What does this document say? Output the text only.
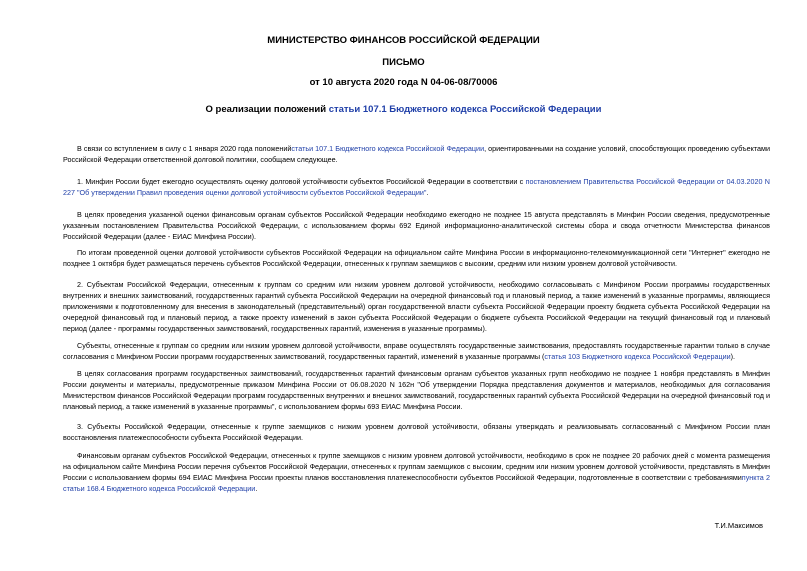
МИНИСТЕРСТВО ФИНАНСОВ РОССИЙСКОЙ ФЕДЕРАЦИИ
ПИСЬМО
от 10 августа 2020 года N 04-06-08/70006
О реализации положений статьи 107.1 Бюджетного кодекса Российской Федерации

В связи со вступлением в силу с 1 января 2020 года положенийстатьи 107.1 Бюджетного кодекса Российской Федерации, ориентированными на создание условий, способствующих проведению субъектами Российской Федерации ответственной долговой политики, сообщаем следующее.

1. Минфин России будет ежегодно осуществлять оценку долговой устойчивости субъектов Российской Федерации в соответствии с постановлением Правительства Российской Федерации от 04.03.2020 N 227 "Об утверждении Правил проведения оценки долговой устойчивости субъектов Российской Федерации".

В целях проведения указанной оценки финансовым органам субъектов Российской Федерации необходимо ежегодно не позднее 15 августа представлять в Минфин России сведения, предусмотренные указанным постановлением Правительства Российской Федерации, с использованием формы 692 Единой информационно-аналитической системы сбора и свода отчетности Министерства финансов Российской Федерации (далее - ЕИАС Минфина России).

По итогам проведенной оценки долговой устойчивости субъектов Российской Федерации на официальном сайте Минфина России в информационно-телекоммуникационной сети "Интернет" ежегодно не позднее 1 октября будет размещаться перечень субъектов Российской Федерации, отнесенных к группам заемщиков с высоким, средним или низким уровнем долговой устойчивости.

2. Субъектам Российской Федерации, отнесенным к группам со средним или низким уровнем долговой устойчивости, необходимо согласовывать с Минфином России программы государственных внутренних и внешних заимствований, государственных гарантий субъекта Российской Федерации на очередной финансовый год и плановый период, а также изменений в указанные программы, являющиеся приложениями к подготовленному для внесения в законодательный (представительный) орган государственной власти субъекта Российской Федерации проекту бюджета субъекта Российской Федерации на очередной финансовый год и плановый период, а также проекту изменений в закон субъекта Российской Федерации о бюджете субъекта Российской Федерации на текущий финансовый год и плановый период (далее - программы государственных заимствований, государственных гарантий, изменения в указанные программы).

Субъекты, отнесенные к группам со средним или низким уровнем долговой устойчивости, вправе осуществлять государственные заимствования, предоставлять государственные гарантии только в случае согласования с Минфином России программ государственных заимствований, государственных гарантий, изменений в указанные программы (статья 103 Бюджетного кодекса Российской Федерации).

В целях согласования программ государственных заимствований, государственных гарантий финансовым органам субъектов указанных групп необходимо не позднее 1 ноября представлять в Минфин России документы и материалы, предусмотренные приказом Минфина России от 06.08.2020 N 162н "Об утверждении Порядка представления документов и материалов, необходимых для согласования Министерством финансов Российской Федерации программ государственных внутренних и внешних заимствований, государственных гарантий субъекта Российской Федерации на очередной финансовый год и плановый период, а также изменений в указанные программы", с использованием формы 693 ЕИАС Минфина России.

3. Субъекты Российской Федерации, отнесенные к группе заемщиков с низким уровнем долговой устойчивости, обязаны утверждать и реализовывать согласованный с Минфином России план восстановления платежеспособности субъекта Российской Федерации.

Финансовым органам субъектов Российской Федерации, отнесенных к группе заемщиков с низким уровнем долговой устойчивости, необходимо в срок не позднее 20 рабочих дней с момента размещения на официальном сайте Минфина России перечня субъектов Российской Федерации, отнесенных к группам заемщиков с высоким, средним или низким уровнем долговой устойчивости, представлять в Минфин России с использованием формы 694 ЕИАС Минфина России проекты планов восстановления платежеспособности субъектов Российской Федерации, подготовленные в соответствии с требованиямипункта 2 статьи 168.4 Бюджетного кодекса Российской Федерации.

Т.И.Максимов
